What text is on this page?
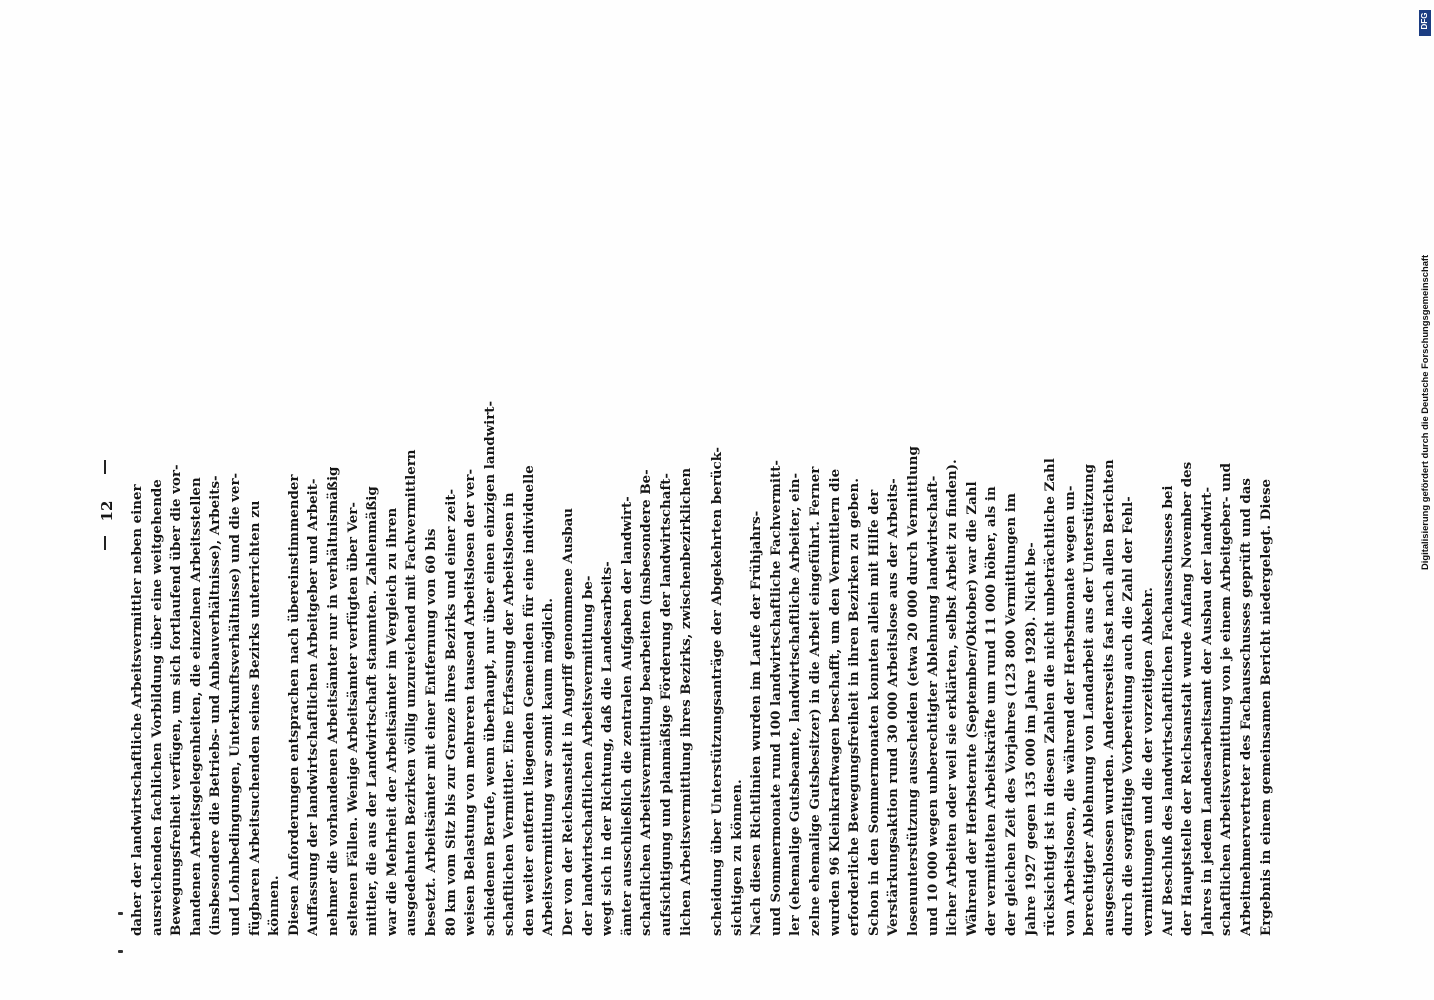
daher der landwirtschaftliche Arbeitsvermittler neben einer ausreichenden fachlichen Vorbildung über eine weitgehende Bewegungsfreiheit verfügen, um sich fortlaufend über die vor- handenen Arbeitsgelegenheiten, die einzelnen Arbeitsstellen (insbesondere die Betriebs- und Anbauverhältnisse), Arbeits- und Lohnbedingungen, Unterkunftsverhältnisse) und die ver- fügbaren Arbeitsuchenden seines Bezirks unterrichten zu können. Diesen Anforderungen entsprachen nach übereinstimmender Auffassung der landwirtschaftlichen Arbeitgeber und Arbeit- nehmer die vorhandenen Arbeitsämter nur in verhältnismäßig seltenen Fällen. Wenige Arbeitsämter verfügten über Ver- mittler, die aus der Landwirtschaft stammten. Zahlenmäßig war die Mehrheit der Arbeitsämter im Vergleich zu ihren ausgedehnten Bezirken völlig unzureichend mit Fachvermittlern besetzt. Arbeitsämter mit einer Entfernung von 60 bis 80 km vom Sitz bis zur Grenze ihres Bezirks und einer zeit- weisen Belastung von mehreren tausend Arbeitslosen der ver- schiedenen Berufe, wenn überhaupt, nur über einen einzigen landwirt- schaftlichen Vermittler. Eine Erfassung der Arbeitslosen in den weiter entfernt liegenden Gemeinden für eine individuelle Arbeitsvermittlung war somit kaum möglich. Der von der Reichsanstalt in Angriff genommene Ausbau der landwirtschaftlichen Arbeitsvermittlung be- wegt sich in der Richtung, daß die Landesarbeits- ämter ausschließlich die zentralen Aufgaben der landwirt- schaftlichen Arbeitsvermittlung bearbeiten (insbesondere Be- aufsichtigung und planmäßige Förderung der landwirtschaft- lichen Arbeitsvermittlung ihres Bezirks, zwischenbezirklichen

12	scheidung über Unterstützungsanträge der Abgekehrten berück- sichtigen zu können. Nach diesen Richtlinien wurden im Laufe der Frühjahrs- und Sommermonate rund 100 landwirtschaftliche Fachvermitt- ler (ehemalige Gutsbeamte, landwirtschaftliche Arbeiter, ein- zelne ehemalige Gutsbesitzer) in die Arbeit eingeführt. Ferner wurden 96 Kleinkraftwagen beschafft, um den Vermittlern die erforderliche Bewegungsfreiheit in ihren Bezirken zu geben. Schon in den Sommermonaten konnten allein mit Hilfe der Verstärkungsaktion rund 30 000 Arbeitslose aus der Arbeits- losenunterstützung ausscheiden (etwa 20 000 durch Vermittlung und 10 000 wegen unberechtigter Ablehnung landwirtschaft- licher Arbeiten oder weil sie erklärten, selbst Arbeit zu finden). Während der Herbsternte (September/Oktober) war die Zahl der vermittelten Arbeitskräfte um rund 11 000 höher, als in der gleichen Zeit des Vorjahres (123 800 Vermittlungen im Jahre 1927 gegen 135 000 im Jahre 1928). Nicht be- rücksichtigt ist in diesen Zahlen die nicht unbeträchtliche Zahl von Arbeitslosen, die während der Herbstmonate wegen un- berechtigter Ablehnung von Landarbeit aus der Unterstützung ausgeschlossen wurden. Andererseits fast nach allen Berichten durch die sorgfältige Vorbereitung auch die Zahl der Fehl- vermittlungen und die der vorzeitigen Abkehr. Auf Beschluß des landwirtschaftlichen Fachausschusses bei der Hauptstelle der Reichsanstalt wurde Anfang November des Jahres in jedem Landesarbeitsamt der Ausbau der landwirt- schaftlichen Arbeitsvermittlung von je einem Arbeitgeber- und Arbeitnehmervertreter des Fachausschusses geprüft und das Ergebnis in einem gemeinsamen Bericht niedergelegt. Diese

DFG
Digitalisierung gefördert durch die Deutsche Forschungsgemeinschaft
